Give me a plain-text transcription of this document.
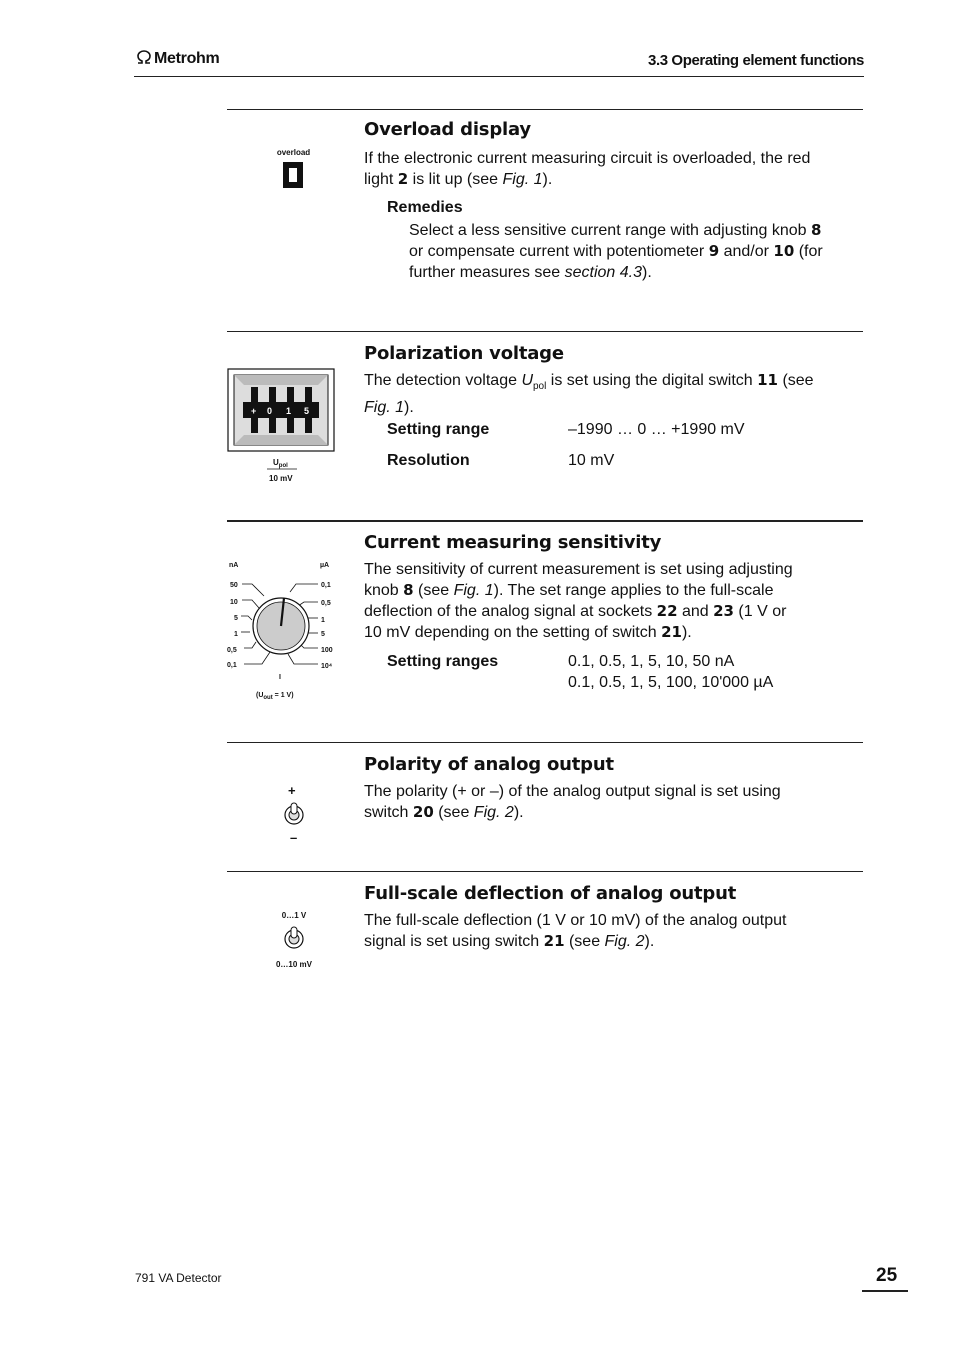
Metrohm	3.3 Operating element functions
overload
Overload display
If the electronic current measuring circuit is overloaded, the red
light 2 is lit up (see Fig. 1).
Remedies
Select a less sensitive current range with adjusting knob 8
or compensate current with potentiometer 9 and/or 10 (for
further measures see section 4.3).
+ 0 1 5
$U_{pol}$
10 mV
Polarization voltage
The detection voltage $U_{pol}$ is set using the digital switch 11 (see
Fig. 1).
Setting range	–1990 … 0 … +1990 mV
Resolution	10 mV
nA	µA
50
10
5
1
0,5
0,1
0,1
0,5
1
5
100
10⁴
I
(Uout = 1 V)
Current measuring sensitivity
The sensitivity of current measurement is set using adjusting
knob 8 (see Fig. 1). The set range applies to the full-scale
deflection of the analog signal at sockets 22 and 23 (1 V or
10 mV depending on the setting of switch 21).
Setting ranges	0.1, 0.5, 1, 5, 10, 50 nA
0.1, 0.5, 1, 5, 100, 10'000 µA
+
–
Polarity of analog output
The polarity (+ or –) of the analog output signal is set using
switch 20 (see Fig. 2).
0…1 V
0…10 mV
Full-scale deflection of analog output
The full-scale deflection (1 V or 10 mV) of the analog output
signal is set using switch 21 (see Fig. 2).
791 VA Detector	25
